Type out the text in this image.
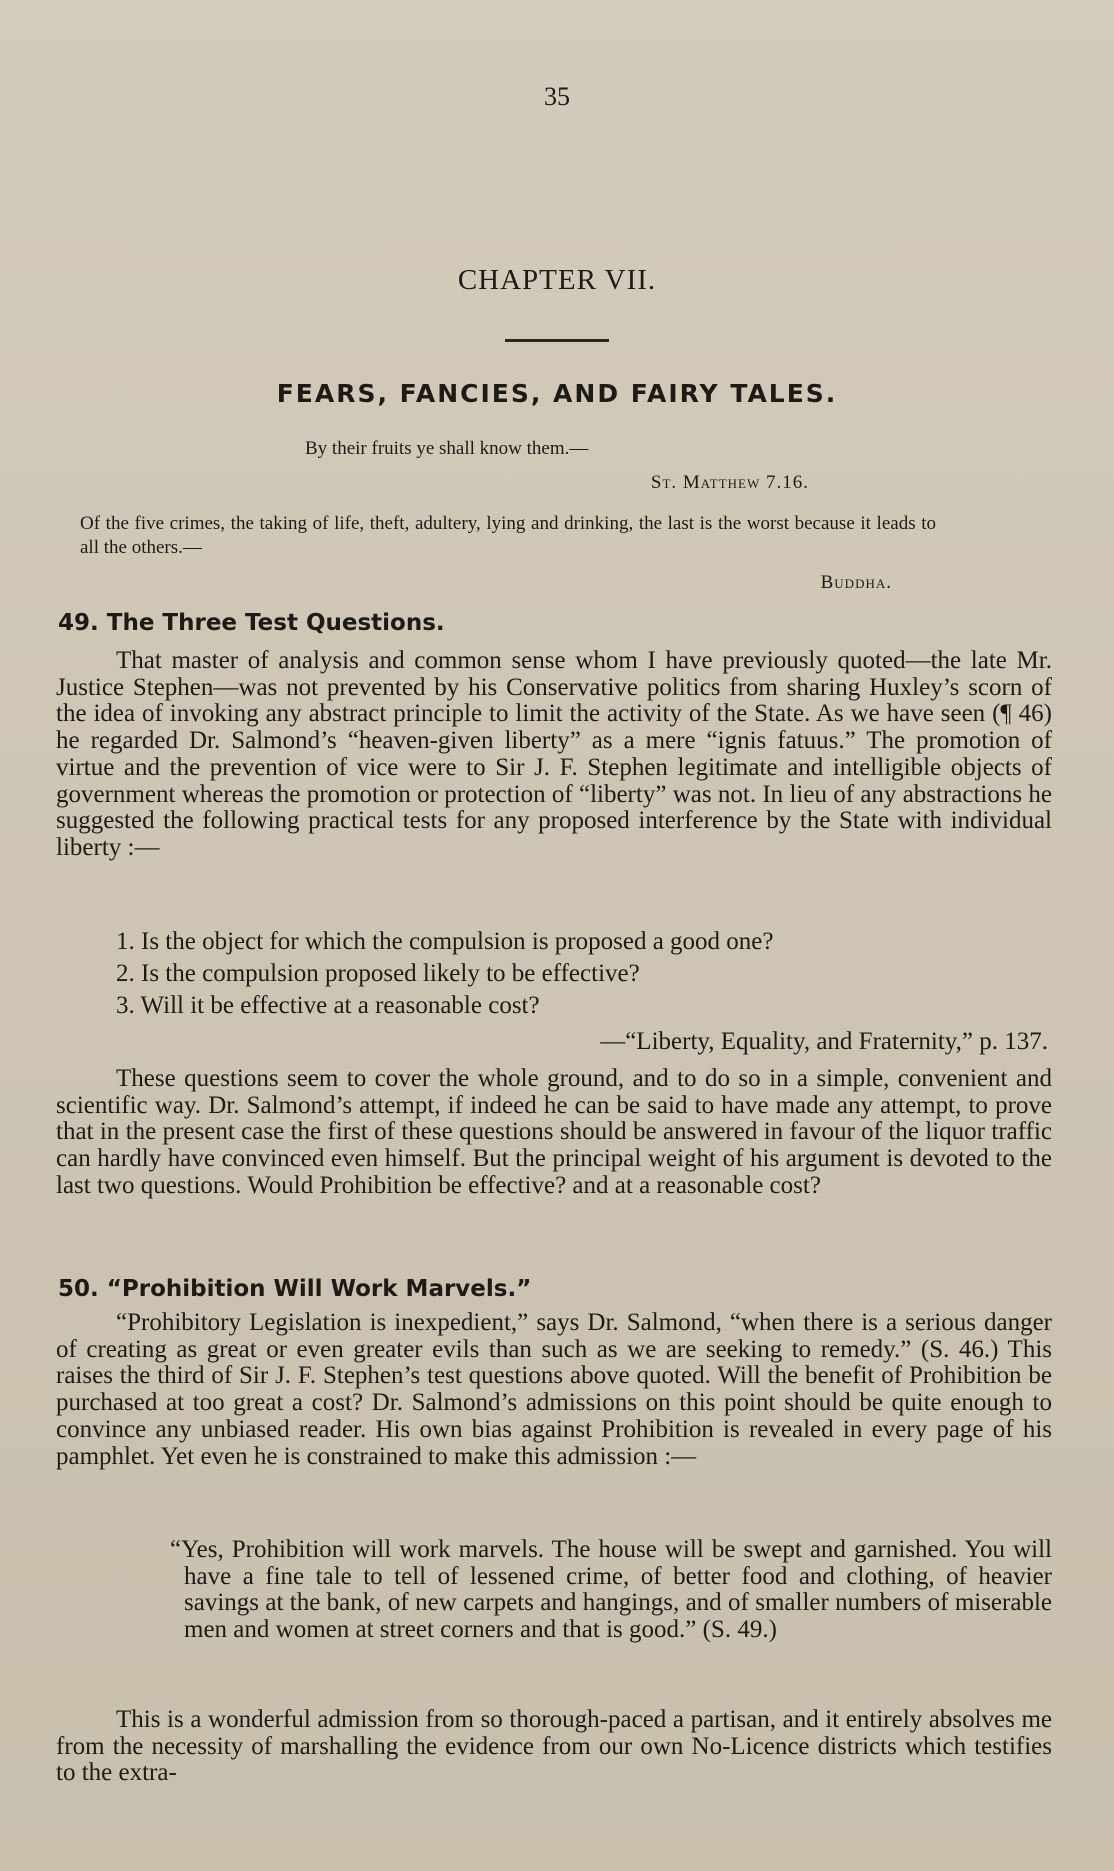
35
CHAPTER VII.
FEARS, FANCIES, AND FAIRY TALES.
By their fruits ye shall know them.—
St. Matthew 7.16.
Of the five crimes, the taking of life, theft, adultery, lying and drinking, the last is the worst because it leads to all the others.—
Buddha.
49. The Three Test Questions.

That master of analysis and common sense whom I have previously quoted—the late Mr. Justice Stephen—was not prevented by his Conservative politics from sharing Huxley’s scorn of the idea of invoking any abstract principle to limit the activity of the State. As we have seen (¶ 46) he regarded Dr. Salmond’s “heaven-given liberty” as a mere “ignis fatuus.” The promotion of virtue and the prevention of vice were to Sir J. F. Stephen legitimate and intelligible objects of government whereas the promotion or protection of “liberty” was not. In lieu of any abstractions he suggested the following practical tests for any proposed interference by the State with individual liberty :—

1. Is the object for which the compulsion is proposed a good one?
2. Is the compulsion proposed likely to be effective?
3. Will it be effective at a reasonable cost?
—“Liberty, Equality, and Fraternity,” p. 137.

These questions seem to cover the whole ground, and to do so in a simple, convenient and scientific way. Dr. Salmond’s attempt, if indeed he can be said to have made any attempt, to prove that in the present case the first of these questions should be answered in favour of the liquor traffic can hardly have convinced even himself. But the principal weight of his argument is devoted to the last two questions. Would Prohibition be effective? and at a reasonable cost?

50. “Prohibition Will Work Marvels.”

“Prohibitory Legislation is inexpedient,” says Dr. Salmond, “when there is a serious danger of creating as great or even greater evils than such as we are seeking to remedy.” (S. 46.) This raises the third of Sir J. F. Stephen’s test questions above quoted. Will the benefit of Prohibition be purchased at too great a cost? Dr. Salmond’s admissions on this point should be quite enough to convince any unbiased reader. His own bias against Prohibition is revealed in every page of his pamphlet. Yet even he is constrained to make this admission :—

“Yes, Prohibition will work marvels. The house will be swept and garnished. You will have a fine tale to tell of lessened crime, of better food and clothing, of heavier savings at the bank, of new carpets and hangings, and of smaller numbers of miserable men and women at street corners and that is good.” (S. 49.)

This is a wonderful admission from so thorough-paced a partisan, and it entirely absolves me from the necessity of marshalling the evidence from our own No-Licence districts which testifies to the extra-
